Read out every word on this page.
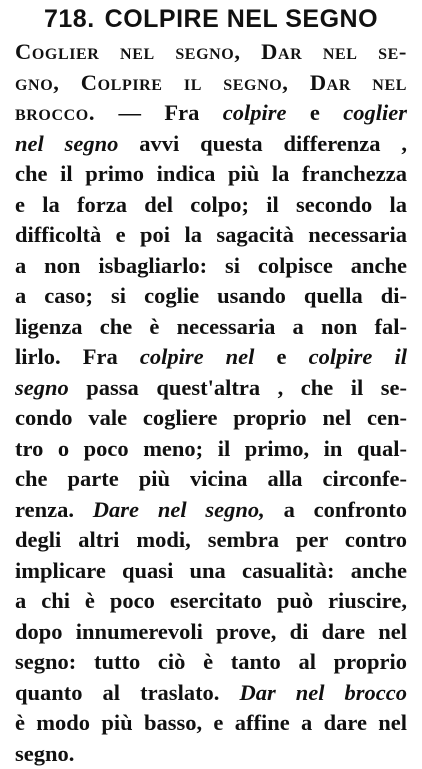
718. COLPIRE NEL SEGNO
Coglier nel segno, Dar nel se-
gno, Colpire il segno, Dar nel
brocco. — Fra colpire e coglier
nel segno avvi questa differenza ,
che il primo indica più la franchezza
e la forza del colpo; il secondo la
difficoltà e poi la sagacità necessaria
a non isbagliarlo: si colpisce anche
a caso; si coglie usando quella di-
ligenza che è necessaria a non fal-
lirlo. Fra colpire nel e colpire il
segno passa quest'altra , che il se-
condo vale cogliere proprio nel cen-
tro o poco meno; il primo, in qual-
che parte più vicina alla circonfe-
renza. Dare nel segno, a confronto
degli altri modi, sembra per contro
implicare quasi una casualità: anche
a chi è poco esercitato può riuscire,
dopo innumerevoli prove, di dare nel
segno: tutto ciò è tanto al proprio
quanto al traslato. Dar nel brocco
è modo più basso, e affine a dare nel
segno.
